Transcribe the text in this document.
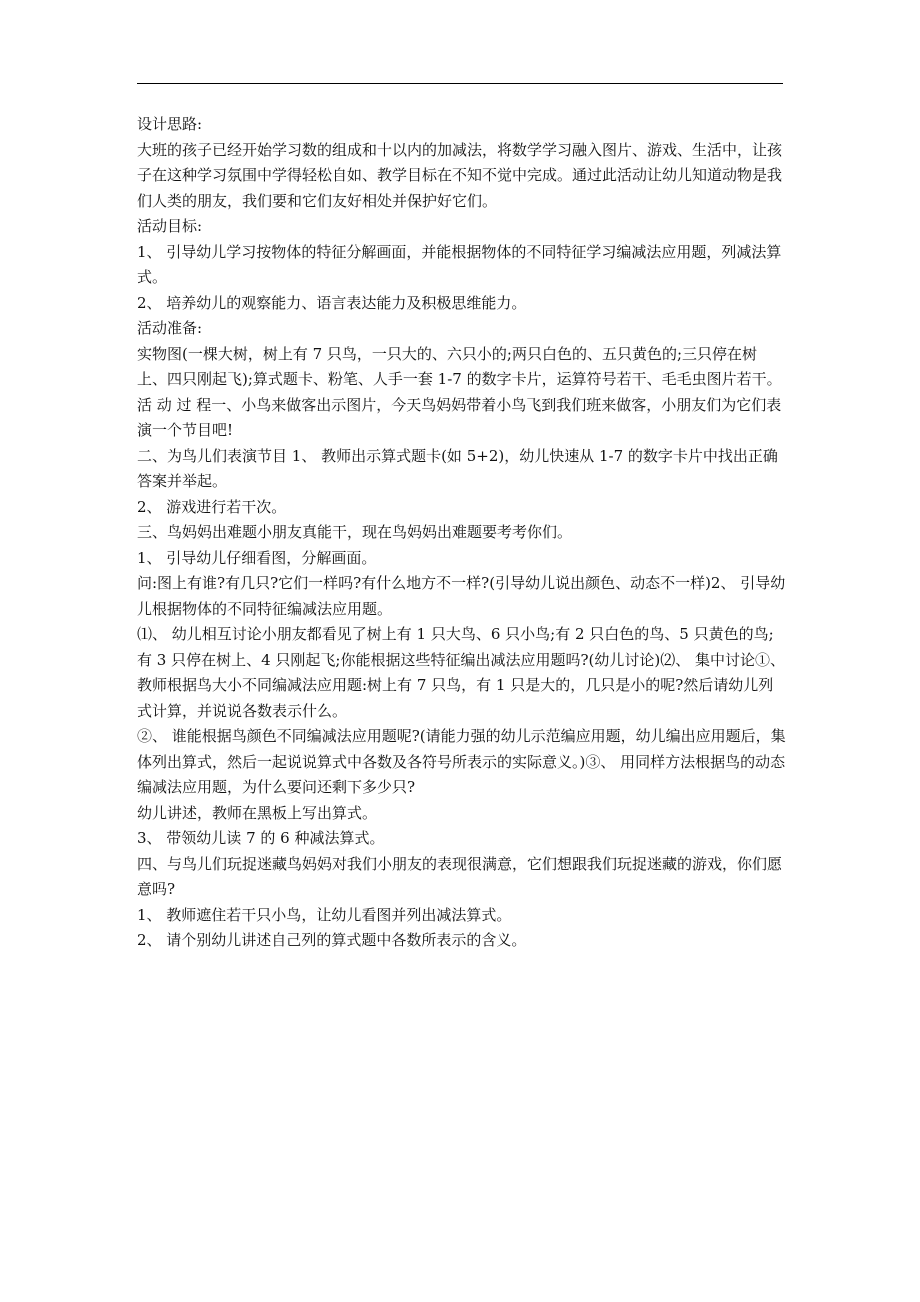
设计思路:

大班的孩子已经开始学习数的组成和十以内的加减法，将数学学习融入图片、游戏、生活中，让孩子在这种学习氛围中学得轻松自如、教学目标在不知不觉中完成。通过此活动让幼儿知道动物是我们人类的朋友，我们要和它们友好相处并保护好它们。

活动目标:

1、 引导幼儿学习按物体的特征分解画面，并能根据物体的不同特征学习编减法应用题，列减法算式。

2、 培养幼儿的观察能力、语言表达能力及积极思维能力。

活动准备:

实物图(一棵大树，树上有 7 只鸟，一只大的、六只小的;两只白色的、五只黄色的;三只停在树上、四只刚起飞);算式题卡、粉笔、人手一套 1-7 的数字卡片，运算符号若干、毛毛虫图片若干。

活 动 过 程一、小鸟来做客出示图片，今天鸟妈妈带着小鸟飞到我们班来做客，小朋友们为它们表演一个节目吧!

二、为鸟儿们表演节目 1、 教师出示算式题卡(如 5+2)，幼儿快速从 1-7 的数字卡片中找出正确答案并举起。

2、 游戏进行若干次。

三、鸟妈妈出难题小朋友真能干，现在鸟妈妈出难题要考考你们。

1、 引导幼儿仔细看图，分解画面。

问:图上有谁?有几只?它们一样吗?有什么地方不一样?(引导幼儿说出颜色、动态不一样)2、 引导幼儿根据物体的不同特征编减法应用题。

⑴、 幼儿相互讨论小朋友都看见了树上有 1 只大鸟、6 只小鸟;有 2 只白色的鸟、5 只黄色的鸟;有 3 只停在树上、4 只刚起飞;你能根据这些特征编出减法应用题吗?(幼儿讨论)⑵、 集中讨论①、 教师根据鸟大小不同编减法应用题:树上有 7 只鸟，有 1 只是大的，几只是小的呢?然后请幼儿列式计算，并说说各数表示什么。

②、 谁能根据鸟颜色不同编减法应用题呢?(请能力强的幼儿示范编应用题，幼儿编出应用题后，集体列出算式，然后一起说说算式中各数及各符号所表示的实际意义。)③、 用同样方法根据鸟的动态编减法应用题，为什么要问还剩下多少只?

幼儿讲述，教师在黑板上写出算式。

3、 带领幼儿读 7 的 6 种减法算式。

四、与鸟儿们玩捉迷藏鸟妈妈对我们小朋友的表现很满意，它们想跟我们玩捉迷藏的游戏，你们愿意吗?

1、 教师遮住若干只小鸟，让幼儿看图并列出减法算式。

2、 请个别幼儿讲述自己列的算式题中各数所表示的含义。
